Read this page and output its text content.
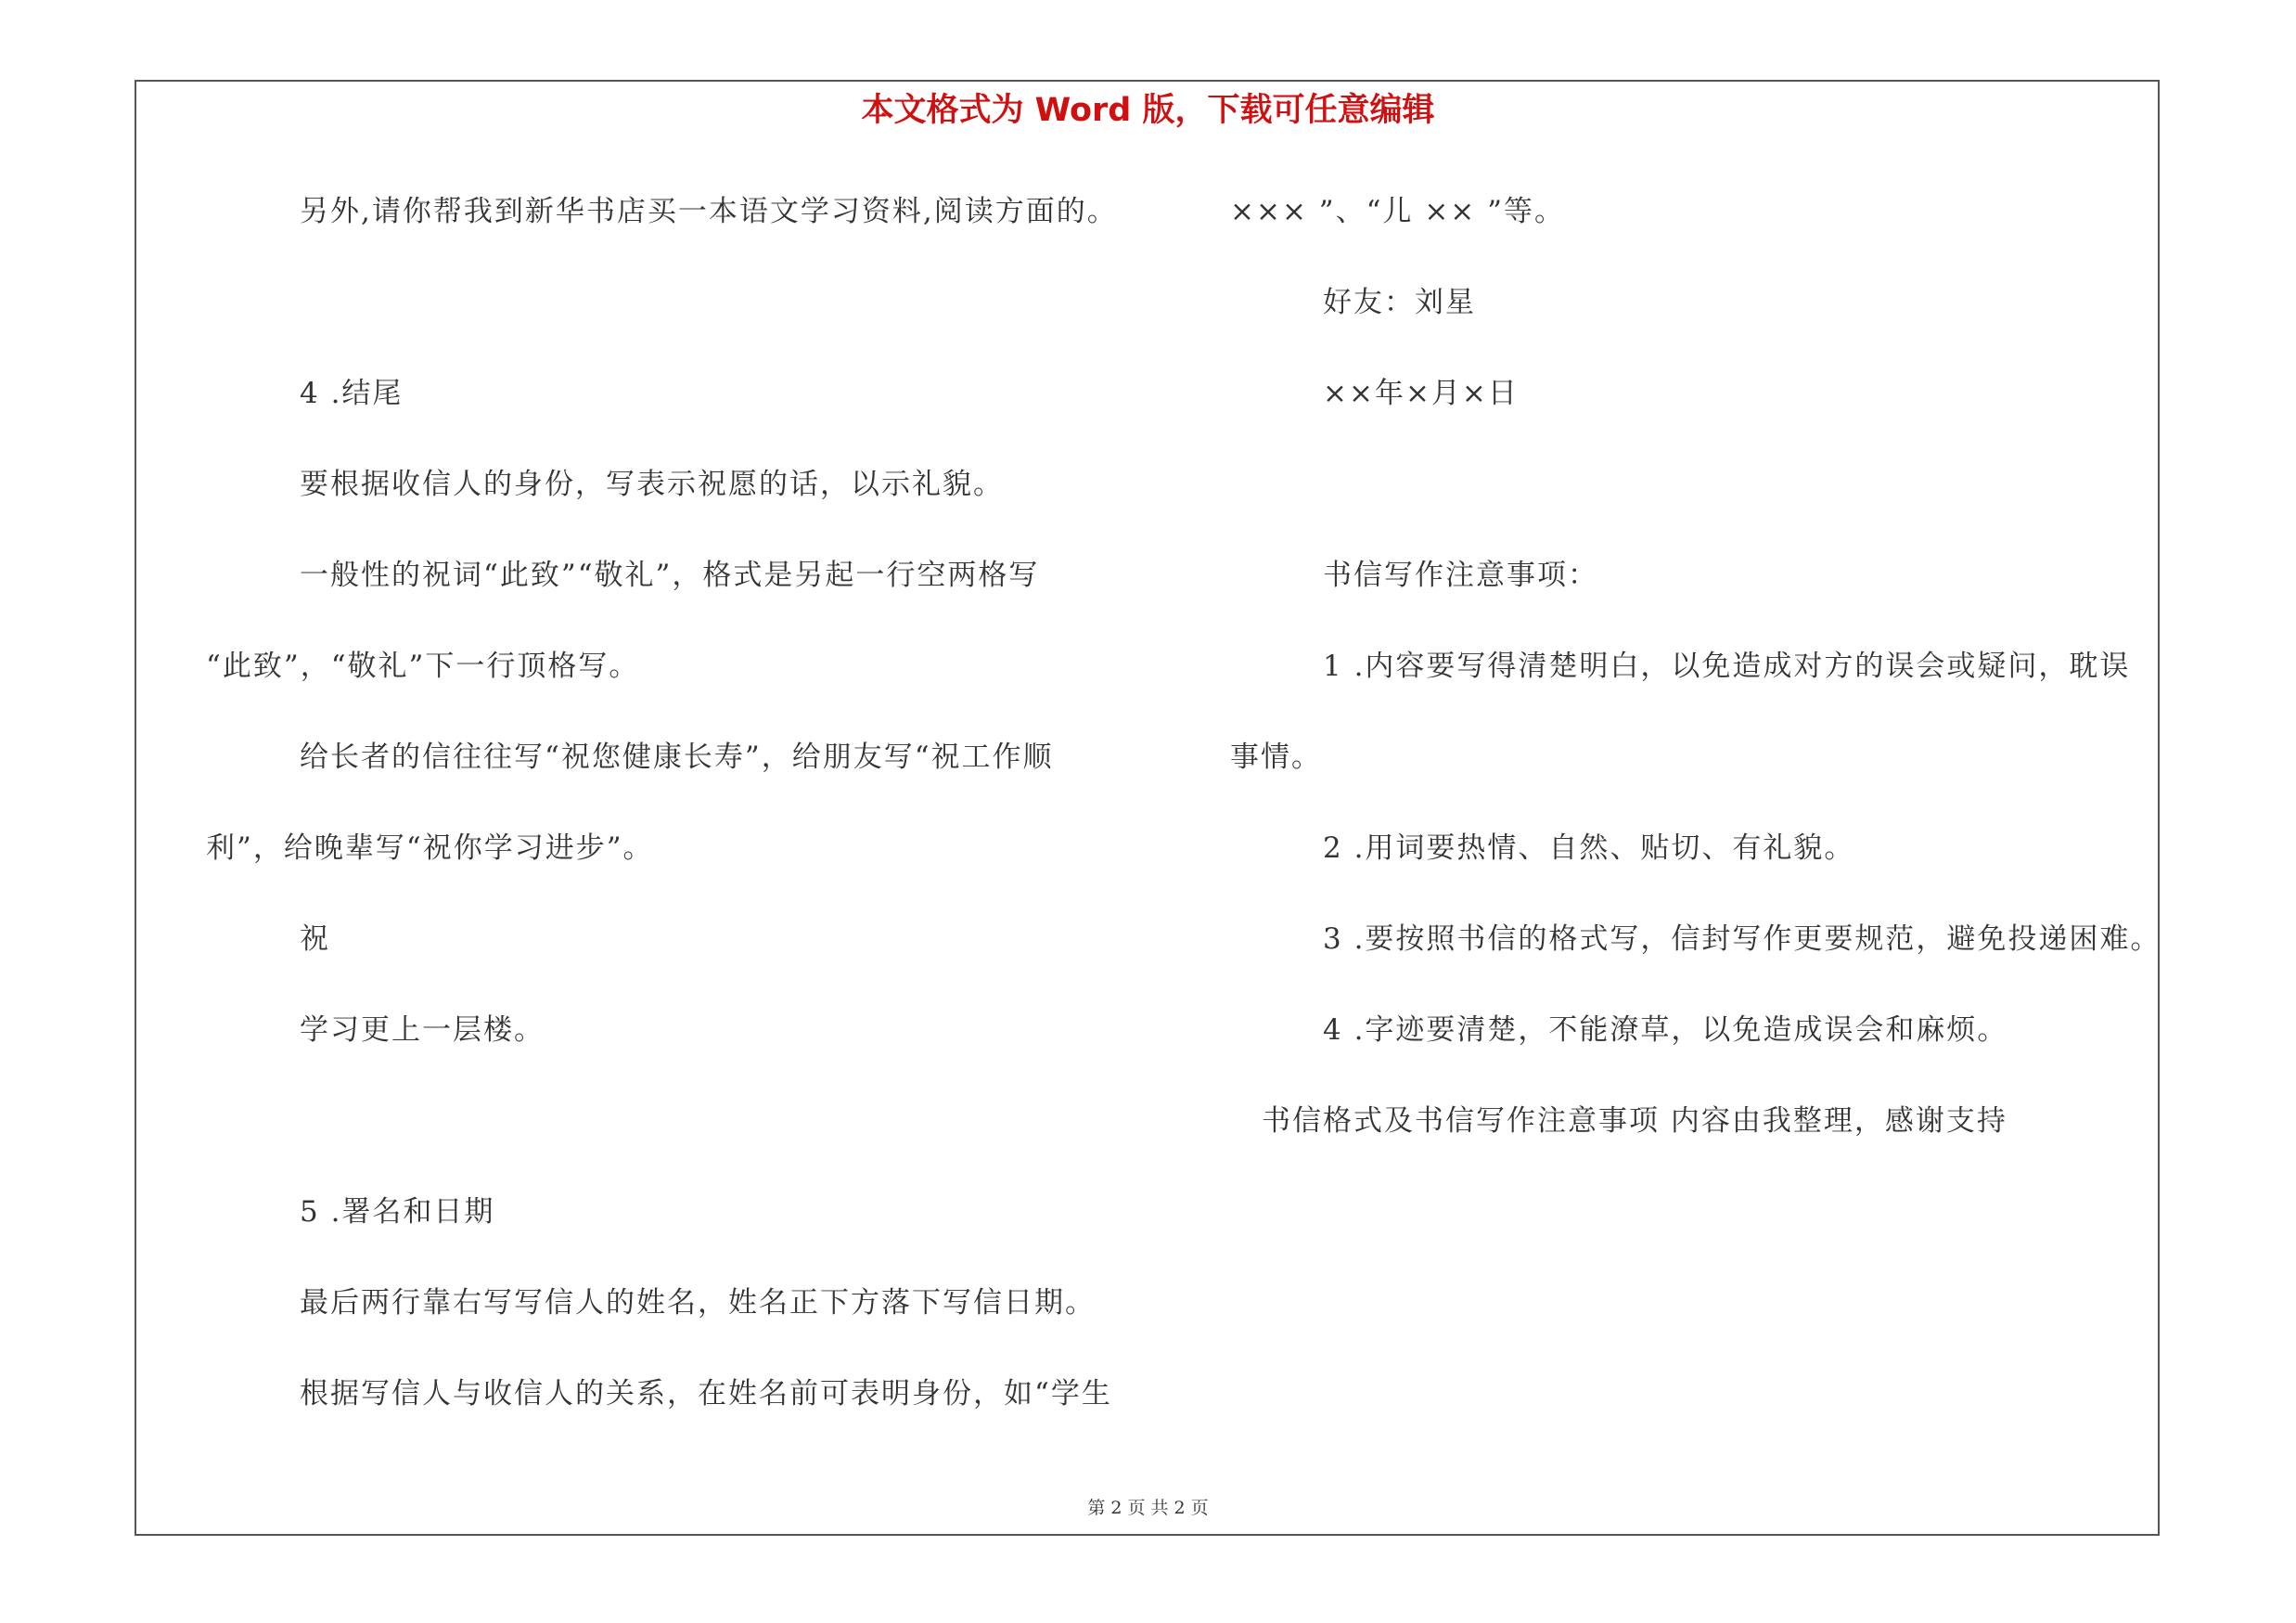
本文格式为 Word 版，下载可任意编辑
另外,请你帮我到新华书店买一本语文学习资料,阅读方面的。
4 .结尾
要根据收信人的身份，写表示祝愿的话，以示礼貌。
一般性的祝词“此致”“敬礼”，格式是另起一行空两格写
“此致”，“敬礼”下一行顶格写。
给长者的信往往写“祝您健康长寿”，给朋友写“祝工作顺
利”，给晚辈写“祝你学习进步”。
祝
学习更上一层楼。
5 .署名和日期
最后两行靠右写写信人的姓名，姓名正下方落下写信日期。
根据写信人与收信人的关系，在姓名前可表明身份，如“学生
××× ”、“儿 ×× ”等。
好友：刘星
××年×月×日
书信写作注意事项：
1 .内容要写得清楚明白，以免造成对方的误会或疑问，耽误
事情。
2 .用词要热情、自然、贴切、有礼貌。
3 .要按照书信的格式写，信封写作更要规范，避免投递困难。
4 .字迹要清楚，不能潦草，以免造成误会和麻烦。
书信格式及书信写作注意事项 内容由我整理，感谢支持
第 2 页 共 2 页
